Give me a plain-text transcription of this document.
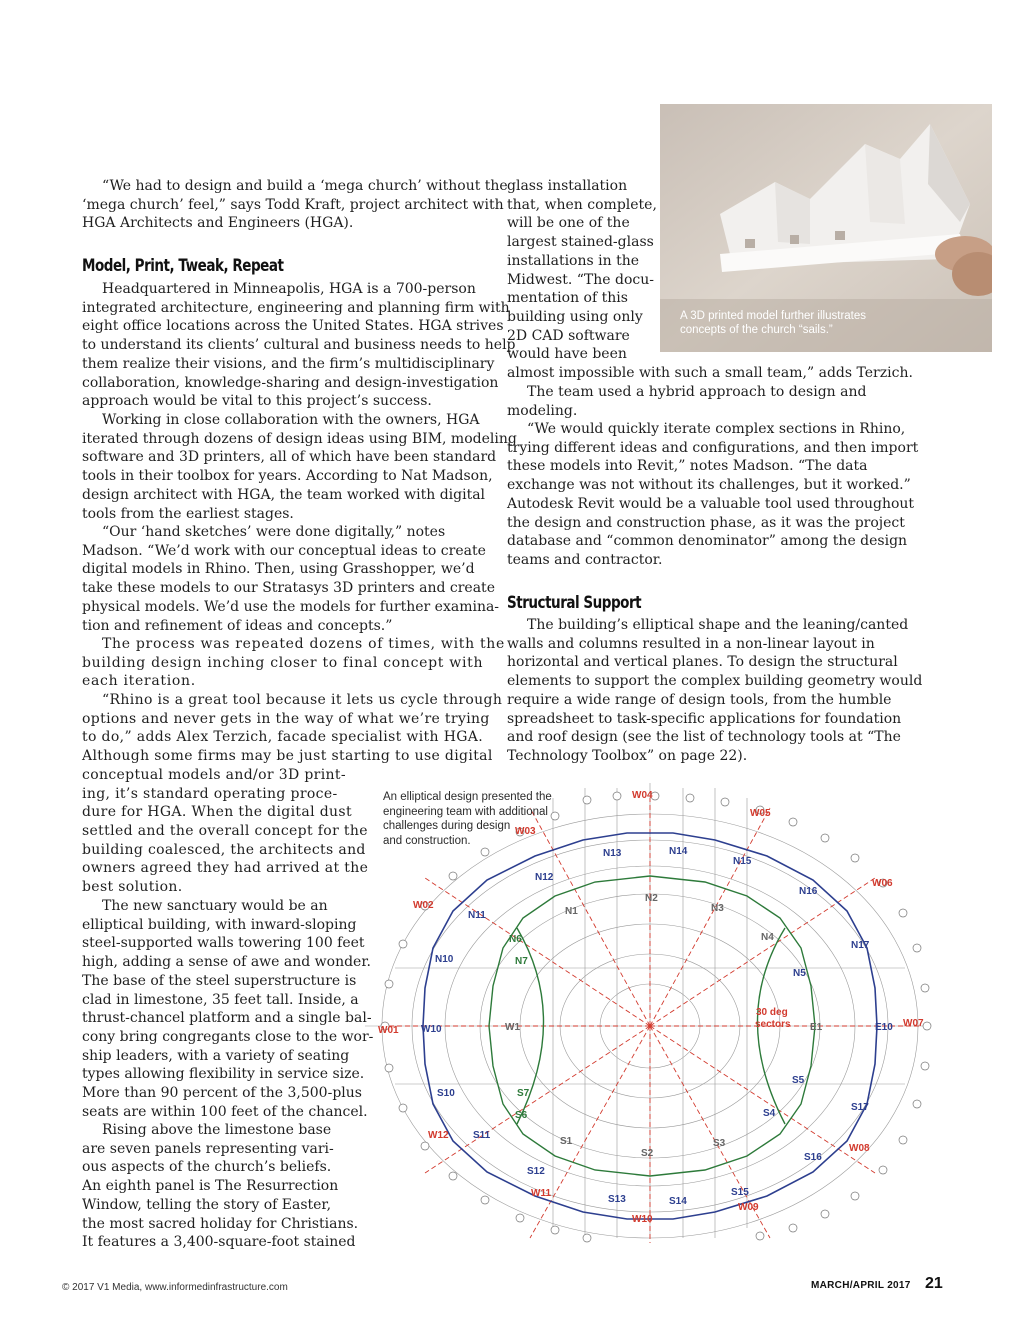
“We had to design and build a ‘mega church’ without the
‘mega church’ feel,” says Todd Kraft, project architect with
HGA Architects and Engineers (HGA).

Model, Print, Tweak, Repeat

Headquartered in Minneapolis, HGA is a 700-person
integrated architecture, engineering and planning firm with
eight office locations across the United States. HGA strives
to understand its clients’ cultural and business needs to help
them realize their visions, and the firm’s multidisciplinary
collaboration, knowledge-sharing and design-investigation
approach would be vital to this project’s success.

Working in close collaboration with the owners, HGA
iterated through dozens of design ideas using BIM, modeling
software and 3D printers, all of which have been standard
tools in their toolbox for years. According to Nat Madson,
design architect with HGA, the team worked with digital
tools from the earliest stages.

“Our ‘hand sketches’ were done digitally,” notes
Madson. “We’d work with our conceptual ideas to create
digital models in Rhino. Then, using Grasshopper, we’d
take these models to our Stratasys 3D printers and create
physical models. We’d use the models for further examina-
tion and refinement of ideas and concepts.”

The process was repeated dozens of times, with the
building design inching closer to final concept with
each iteration.

“Rhino is a great tool because it lets us cycle through
options and never gets in the way of what we’re trying
to do,” adds Alex Terzich, facade specialist with HGA.
Although some firms may be just starting to use digital
conceptual models and/or 3D print-
ing, it’s standard operating proce-
dure for HGA. When the digital dust
settled and the overall concept for the
building coalesced, the architects and
owners agreed they had arrived at the
best solution.

The new sanctuary would be an
elliptical building, with inward-sloping
steel-supported walls towering 100 feet
high, adding a sense of awe and wonder.
The base of the steel superstructure is
clad in limestone, 35 feet tall. Inside, a
thrust-chancel platform and a single bal-
cony bring congregants close to the wor-
ship leaders, with a variety of seating
types allowing flexibility in service size.
More than 90 percent of the 3,500-plus
seats are within 100 feet of the chancel.

Rising above the limestone base
are seven panels representing vari-
ous aspects of the church’s beliefs.
An eighth panel is The Resurrection
Window, telling the story of Easter,
the most sacred holiday for Christians.
It features a 3,400-square-foot stained

glass installation
that, when complete,
will be one of the
largest stained-glass
installations in the
Midwest. “The docu-
mentation of this
building using only
2D CAD software
would have been
almost impossible with such a small team,” adds Terzich.

The team used a hybrid approach to design and
modeling.

“We would quickly iterate complex sections in Rhino,
trying different ideas and configurations, and then import
these models into Revit,” notes Madson. “The data
exchange was not without its challenges, but it worked.”
Autodesk Revit would be a valuable tool used throughout
the design and construction phase, as it was the project
database and “common denominator” among the design
teams and contractor.

Structural Support

The building’s elliptical shape and the leaning/canted
walls and columns resulted in a non-linear layout in
horizontal and vertical planes. To design the structural
elements to support the complex building geometry would
require a wide range of design tools, from the humble
spreadsheet to task-specific applications for foundation
and roof design (see the list of technology tools at “The
Technology Toolbox” on page 22).

A 3D printed model further illustrates
concepts of the church “sails.”
W04
W05
W03
W06
W02
W01
W07
W12
W08
W11
W09
W10
N10
N11
N12
N13	N14
N15
N16
N17
N1
N2
N3
N4
N5
N6
N7
W10	W1	E1	E10
S10
S11
S12
S13	S14
S15
S16
S17
S1
S2
S3
S4
S5
S6
S7
30 deg
sectors
An elliptical design presented the
engineering team with additional
challenges during design
and construction.
© 2017 V1 Media, www.informedinfrastructure.com	MARCH/APRIL 2017 21
